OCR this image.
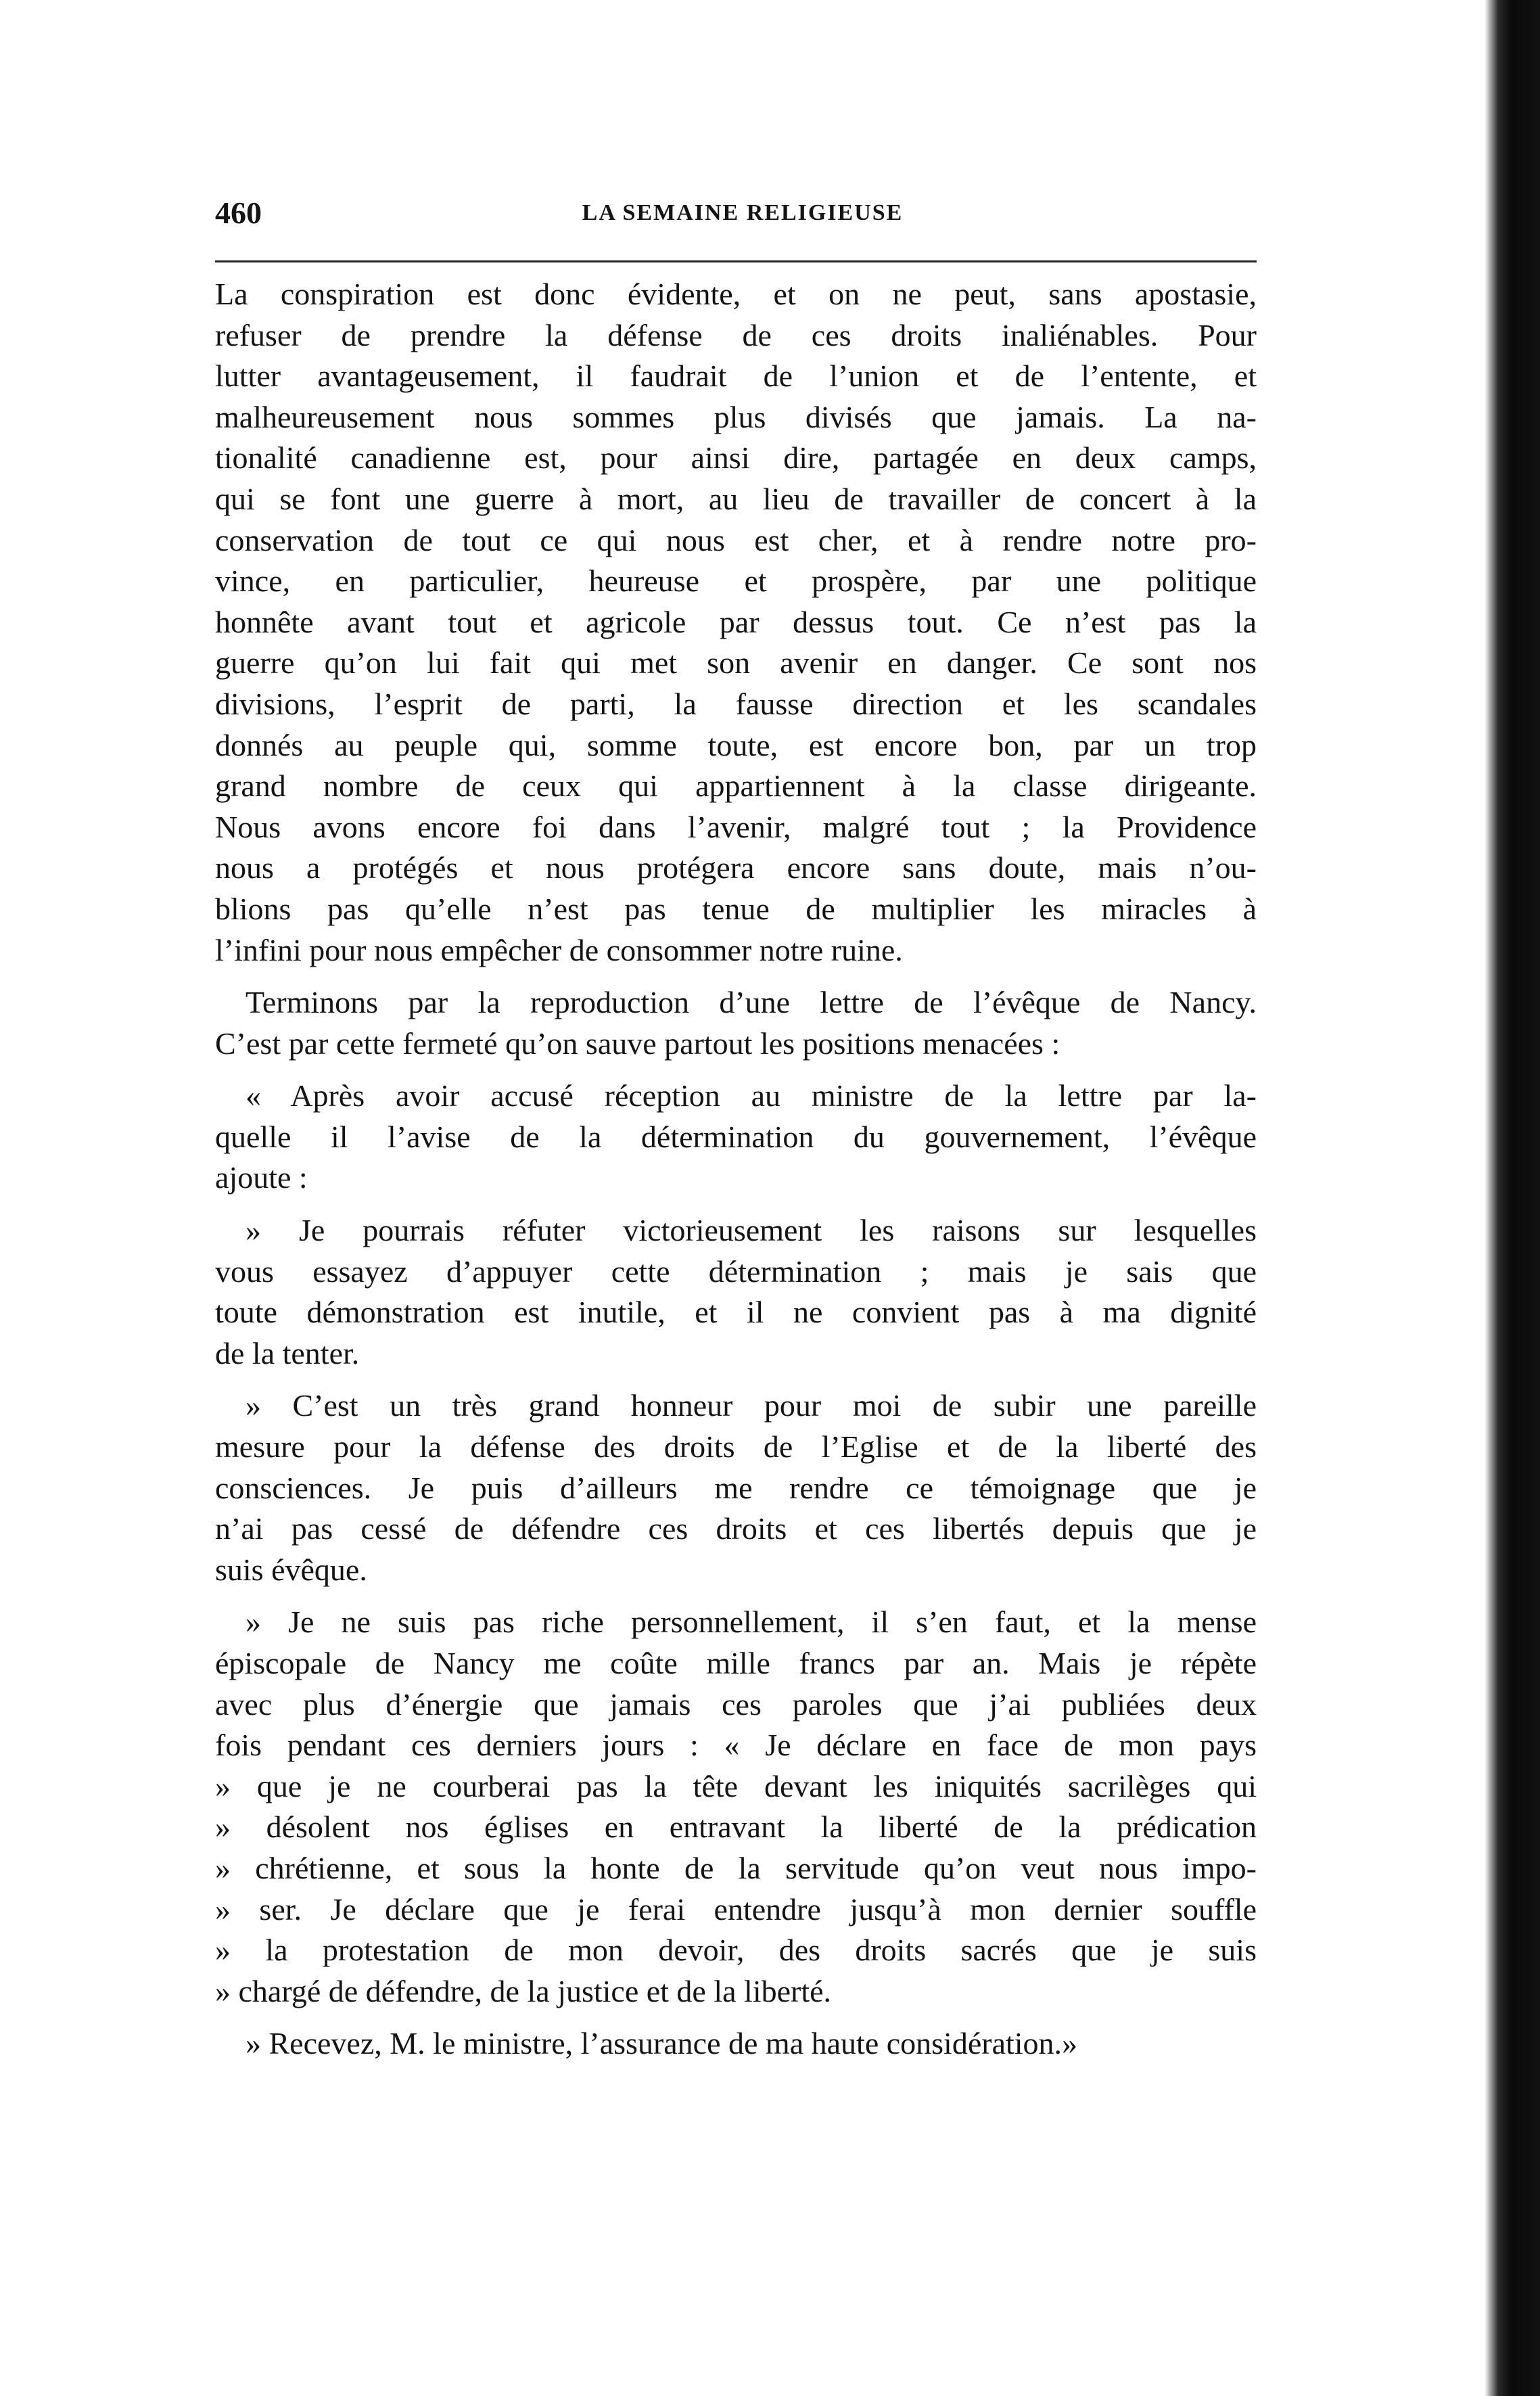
460	LA SEMAINE RELIGIEUSE
La conspiration est donc évidente, et on ne peut, sans apostasie,
refuser de prendre la défense de ces droits inaliénables. Pour
lutter avantageusement, il faudrait de l’union et de l’entente, et
malheureusement nous sommes plus divisés que jamais. La na-
tionalité canadienne est, pour ainsi dire, partagée en deux camps,
qui se font une guerre à mort, au lieu de travailler de concert à la
conservation de tout ce qui nous est cher, et à rendre notre pro-
vince, en particulier, heureuse et prospère, par une politique
honnête avant tout et agricole par dessus tout. Ce n’est pas la
guerre qu’on lui fait qui met son avenir en danger. Ce sont nos
divisions, l’esprit de parti, la fausse direction et les scandales
donnés au peuple qui, somme toute, est encore bon, par un trop
grand nombre de ceux qui appartiennent à la classe dirigeante.
Nous avons encore foi dans l’avenir, malgré tout ; la Providence
nous a protégés et nous protégera encore sans doute, mais n’ou-
blions pas qu’elle n’est pas tenue de multiplier les miracles à
l’infini pour nous empêcher de consommer notre ruine.
Terminons par la reproduction d’une lettre de l’évêque de Nancy.
C’est par cette fermeté qu’on sauve partout les positions menacées :
« Après avoir accusé réception au ministre de la lettre par la-
quelle il l’avise de la détermination du gouvernement, l’évêque
ajoute :
» Je pourrais réfuter victorieusement les raisons sur lesquelles
vous essayez d’appuyer cette détermination ; mais je sais que
toute démonstration est inutile, et il ne convient pas à ma dignité
de la tenter.
» C’est un très grand honneur pour moi de subir une pareille
mesure pour la défense des droits de l’Eglise et de la liberté des
consciences. Je puis d’ailleurs me rendre ce témoignage que je
n’ai pas cessé de défendre ces droits et ces libertés depuis que je
suis évêque.
» Je ne suis pas riche personnellement, il s’en faut, et la mense
épiscopale de Nancy me coûte mille francs par an. Mais je répète
avec plus d’énergie que jamais ces paroles que j’ai publiées deux
fois pendant ces derniers jours : « Je déclare en face de mon pays
» que je ne courberai pas la tête devant les iniquités sacrilèges qui
» désolent nos églises en entravant la liberté de la prédication
» chrétienne, et sous la honte de la servitude qu’on veut nous impo-
» ser. Je déclare que je ferai entendre jusqu’à mon dernier souffle
» la protestation de mon devoir, des droits sacrés que je suis
» chargé de défendre, de la justice et de la liberté.
» Recevez, M. le ministre, l’assurance de ma haute considération.»
